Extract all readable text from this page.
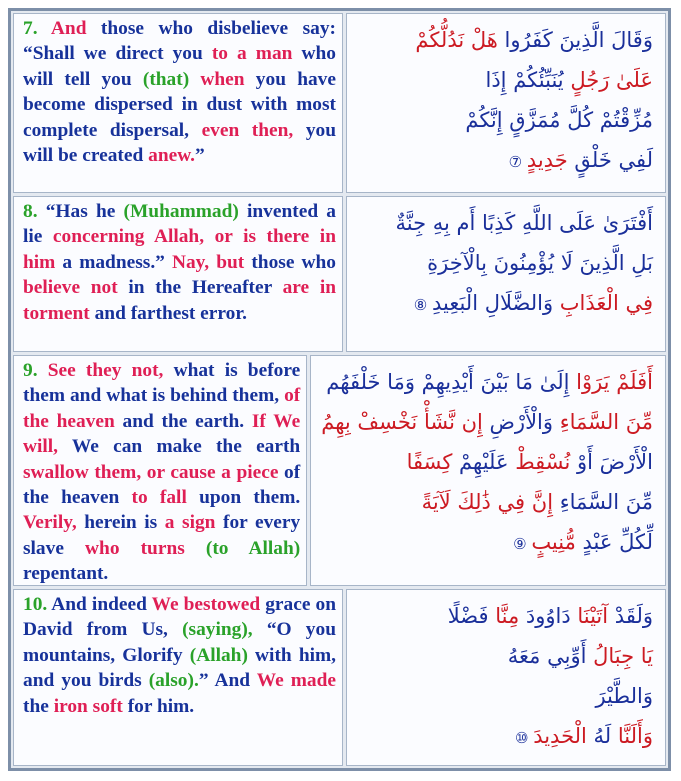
7. And those who disbelieve say: “Shall we direct you to a man who will tell you (that) when you have become dispersed in dust with most complete dispersal, even then, you will be created anew.”
وَقَالَ الَّذِينَ كَفَرُوا هَلْ نَدُلُّكُمْ
عَلَىٰ رَجُلٍ يُنَبِّئُكُمْ إِذَا
مُزِّقْتُمْ كُلَّ مُمَزَّقٍ إِنَّكُمْ
لَفِي خَلْقٍ جَدِيدٍ ⑦
8. “Has he (Muhammad) invented a lie concerning Allah, or is there in him a madness.” Nay, but those who believe not in the Hereafter are in torment and farthest error.
أَفْتَرَىٰ عَلَى اللَّهِ كَذِبًا أَم بِهِ جِنَّةٌ
بَلِ الَّذِينَ لَا يُؤْمِنُونَ بِالْآخِرَةِ
فِي الْعَذَابِ وَالضَّلَالِ الْبَعِيدِ ⑧
9. See they not, what is before them and what is behind them, of the heaven and the earth. If We will, We can make the earth swallow them, or cause a piece of the heaven to fall upon them. Verily, herein is a sign for every slave who turns (to Allah) repentant.
أَفَلَمْ يَرَوْا إِلَىٰ مَا بَيْنَ أَيْدِيهِمْ وَمَا خَلْفَهُم
مِّنَ السَّمَاءِ وَالْأَرْضِ إِن نَّشَأْ نَخْسِفْ بِهِمُ
الْأَرْضَ أَوْ نُسْقِطْ عَلَيْهِمْ كِسَفًا
مِّنَ السَّمَاءِ إِنَّ فِي ذَٰلِكَ لَآيَةً
لِّكُلِّ عَبْدٍ مُّنِيبٍ ⑨
10. And indeed We bestowed grace on David from Us, (saying), “O you mountains, Glorify (Allah) with him, and you birds (also).” And We made the iron soft for him.
وَلَقَدْ آتَيْنَا دَاوُودَ مِنَّا فَضْلًا
يَا جِبَالُ أَوِّبِي مَعَهُ
وَالطَّيْرَ
وَأَلَنَّا لَهُ الْحَدِيدَ ⑩
